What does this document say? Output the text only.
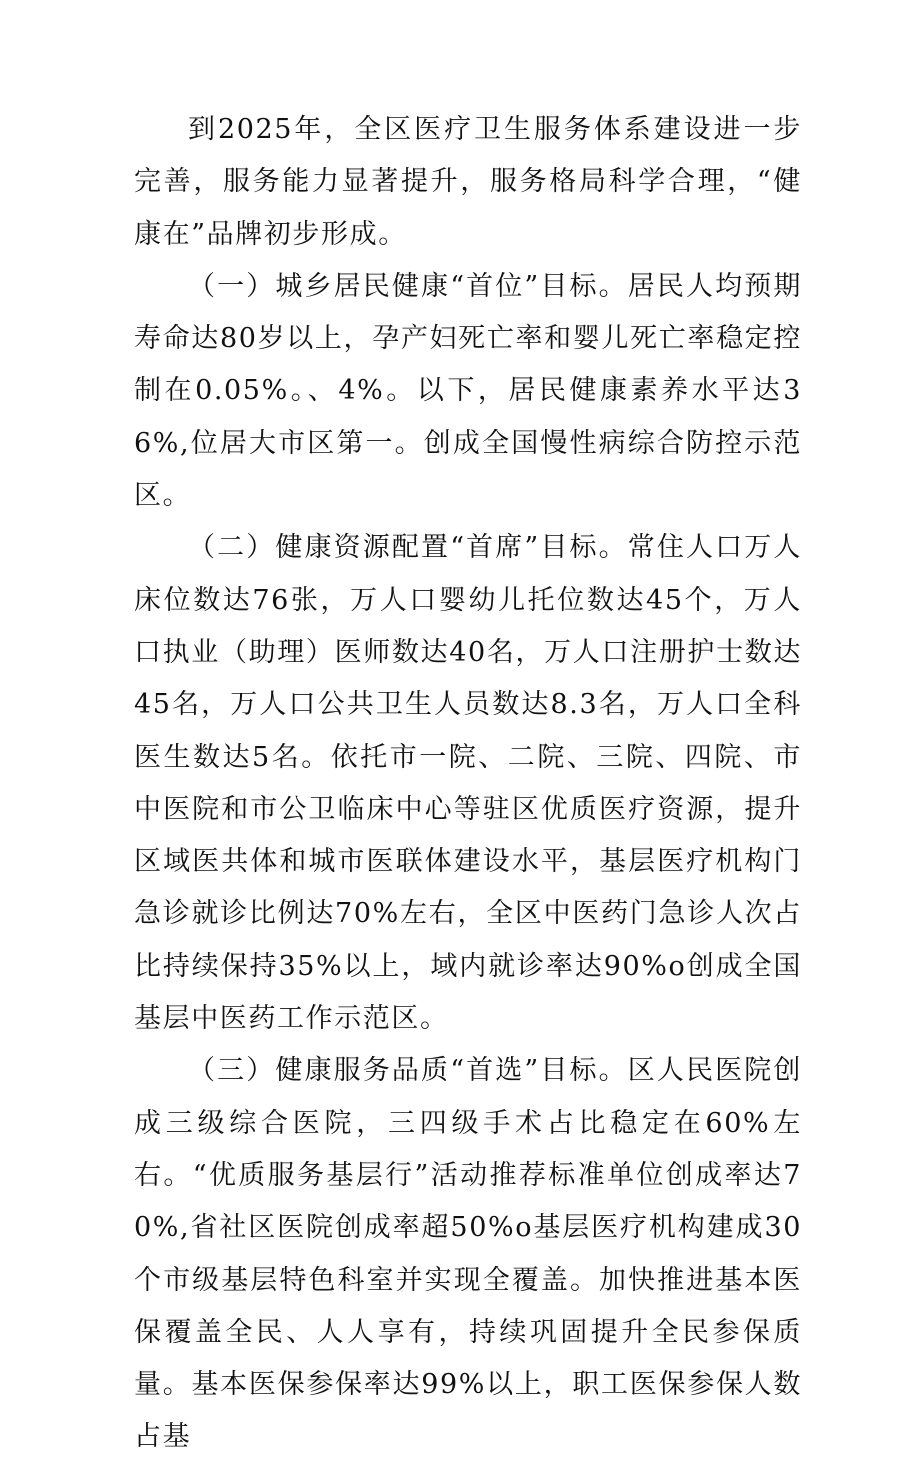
到2025年，全区医疗卫生服务体系建设进一步完善，服务能力显著提升，服务格局科学合理，“健康在”品牌初步形成。

（一）城乡居民健康“首位”目标。居民人均预期寿命达80岁以上，孕产妇死亡率和婴儿死亡率稳定控制在0.05%。、4%。以下，居民健康素养水平达36%,位居大市区第一。创成全国慢性病综合防控示范区。

（二）健康资源配置“首席”目标。常住人口万人床位数达76张，万人口婴幼儿托位数达45个，万人口执业（助理）医师数达40名，万人口注册护士数达45名，万人口公共卫生人员数达8.3名，万人口全科医生数达5名。依托市一院、二院、三院、四院、市中医院和市公卫临床中心等驻区优质医疗资源，提升区域医共体和城市医联体建设水平，基层医疗机构门急诊就诊比例达70%左右，全区中医药门急诊人次占比持续保持35%以上，域内就诊率达90%o创成全国基层中医药工作示范区。

（三）健康服务品质“首选”目标。区人民医院创成三级综合医院，三四级手术占比稳定在60%左右。“优质服务基层行”活动推荐标准单位创成率达70%,省社区医院创成率超50%o基层医疗机构建成30个市级基层特色科室并实现全覆盖。加快推进基本医保覆盖全民、人人享有，持续巩固提升全民参保质量。基本医保参保率达99%以上，职工医保参保人数占基
